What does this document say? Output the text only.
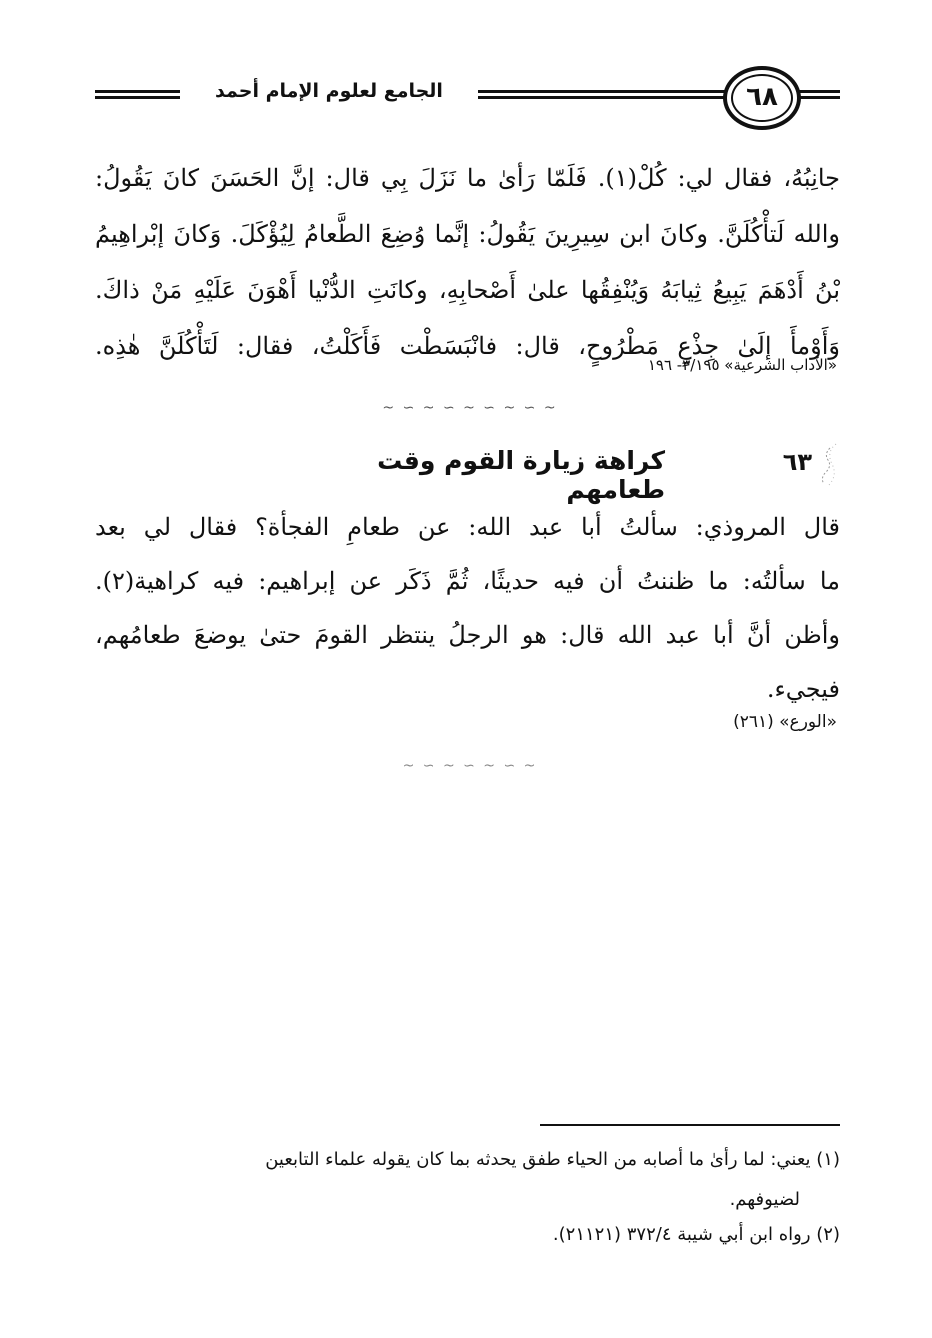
الجامع لعلوم الإمام أحمد	٦٨
جانِبُهُ، فقال لي: كُلْ(١). فَلَمّا رَأىٰ ما نَزَلَ بِي قال: إنَّ الحَسَنَ كانَ يَقُولُ:
والله لَتأْكُلَنَّ. وكانَ ابن سِيرِينَ يَقُولُ: إنَّما وُضِعَ الطَّعامُ لِيُؤْكَلَ. وَكانَ إبْراهِيمُ
بْنُ أَدْهَمَ يَبِيعُ ثِيابَهُ وَيُنْفِقُها علىٰ أَصْحابِهِ، وكانَتِ الدُّنْيا أَهْوَنَ عَلَيْهِ مَنْ ذاكَ.
وَأَوْمأَ إلَىٰ جِذْعٍ مَطْرُوحٍ، قال: فانْبَسَطْت فَأَكَلْتُ، فقال: لَتَأْكُلَنَّ هٰذِه.
«الآداب الشرعية» ٣/١٩٥- ١٩٦
~ ∽ ~ ∽ ~ ∽ ~ ∽ ~
٦٣
كراهة زيارة القوم وقت طعامهم
قال المروذي: سألتُ أبا عبد الله: عن طعامِ الفجأة؟ فقال لي بعد
ما سألتُه: ما ظننتُ أن فيه حديثًا، ثُمَّ ذَكَر عن إبراهيم: فيه كراهية(٢).
وأظن أنَّ أبا عبد الله قال: هو الرجلُ ينتظر القومَ حتىٰ يوضعَ طعامُهم،
فيجيء.
«الورع» (٢٦١)
~ ∽ ~ ∽ ~ ∽ ~
(١) يعني: لما رأىٰ ما أصابه من الحياء طفق يحدثه بما كان يقوله علماء التابعين
لضيوفهم.
(٢) رواه ابن أبي شيبة ٣٧٢/٤ (٢١١٢١).
